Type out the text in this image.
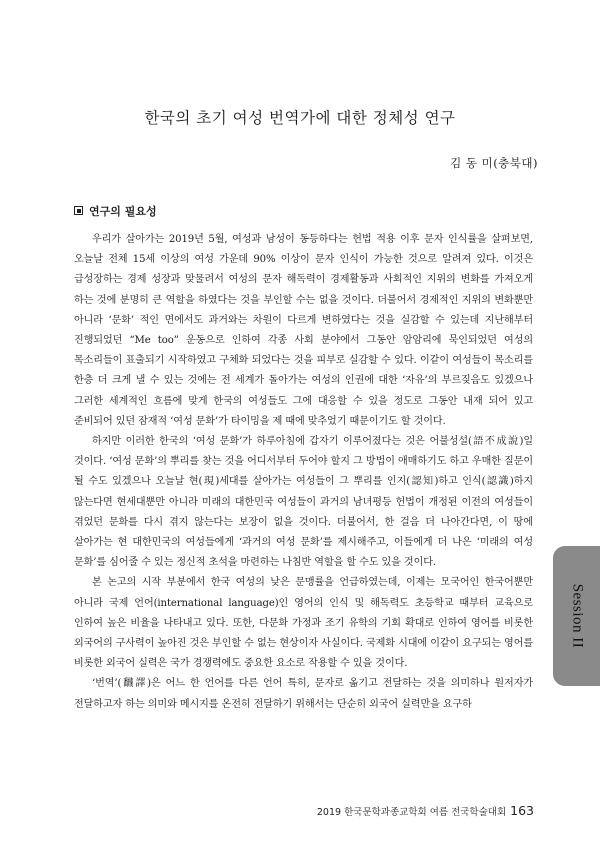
한국의 초기 여성 번역가에 대한 정체성 연구
김 동 미(충북대)
연구의 필요성

우리가 살아가는 2019년 5월, 여성과 남성이 동등하다는 헌법 적용 이후 문자 인식률을 살펴보면, 오늘날 전체 15세 이상의 여성 가운데 90% 이상이 문자 인식이 가능한 것으로 알려져 있다. 이것은 급성장하는 경제 성장과 맞물려서 여성의 문자 해독력이 경제활동과 사회적인 지위의 변화를 가져오게 하는 것에 분명히 큰 역할을 하였다는 것을 부인할 수는 없을 것이다. 더불어서 경제적인 지위의 변화뿐만 아니라 ‘문화’ 적인 면에서도 과거와는 차원이 다르게 변하였다는 것을 실감할 수 있는데 지난해부터 진행되었던 “Me too” 운동으로 인하여 각종 사회 분야에서 그동안 암암리에 묵인되었던 여성의 목소리들이 표출되기 시작하였고 구체화 되었다는 것을 피부로 실감할 수 있다. 이같이 여성들이 목소리를 한층 더 크게 낼 수 있는 것에는 전 세계가 돌아가는 여성의 인권에 대한 ‘자유’의 부르짖음도 있겠으나 그러한 세계적인 흐름에 맞게 한국의 여성들도 그에 대응할 수 있을 정도로 그동안 내재 되어 있고 준비되어 있던 잠재적 ‘여성 문화’가 타이밍을 제 때에 맞추었기 때문이기도 할 것이다.

하지만 이러한 한국의 ‘여성 문화’가 하루아침에 갑자기 이루어졌다는 것은 어불성설(語不成說)일 것이다. ‘여성 문화’의 뿌리를 찾는 것을 어디서부터 두어야 할지 그 방법이 애매하기도 하고 우매한 질문이 될 수도 있겠으나 오늘날 현(現)세대를 살아가는 여성들이 그 뿌리를 인지(認知)하고 인식(認識)하지 않는다면 현세대뿐만 아니라 미래의 대한민국 여성들이 과거의 남녀평등 헌법이 개정된 이전의 여성들이 겪었던 문화를 다시 겪지 않는다는 보장이 없을 것이다. 더불어서, 한 걸음 더 나아간다면, 이 땅에 살아가는 현 대한민국의 여성들에게 ‘과거의 여성 문화’를 제시해주고, 이들에게 더 나은 ‘미래의 여성 문화’를 심어줄 수 있는 정신적 초석을 마련하는 나침반 역할을 할 수도 있을 것이다.

본 논고의 시작 부분에서 한국 여성의 낮은 문맹률을 언급하였는데, 이제는 모국어인 한국어뿐만 아니라 국제 언어(international language)인 영어의 인식 및 해독력도 초등학교 때부터 교육으로 인하여 높은 비율을 나타내고 있다. 또한, 다문화 가정과 조기 유학의 기회 확대로 인하여 영어를 비롯한 외국어의 구사력이 높아진 것은 부인할 수 없는 현상이자 사실이다. 국제화 시대에 이같이 요구되는 영어를 비롯한 외국어 실력은 국가 경쟁력에도 중요한 요소로 작용할 수 있을 것이다.

‘번역’(飜譯)은 어느 한 언어를 다른 언어 특히, 문자로 옮기고 전달하는 것을 의미하나 원저자가 전달하고자 하는 의미와 메시지를 온전히 전달하기 위해서는 단순히 외국어 실력만을 요구하

Session II
2019 한국문학과종교학회 여름 전국학술대회 163
